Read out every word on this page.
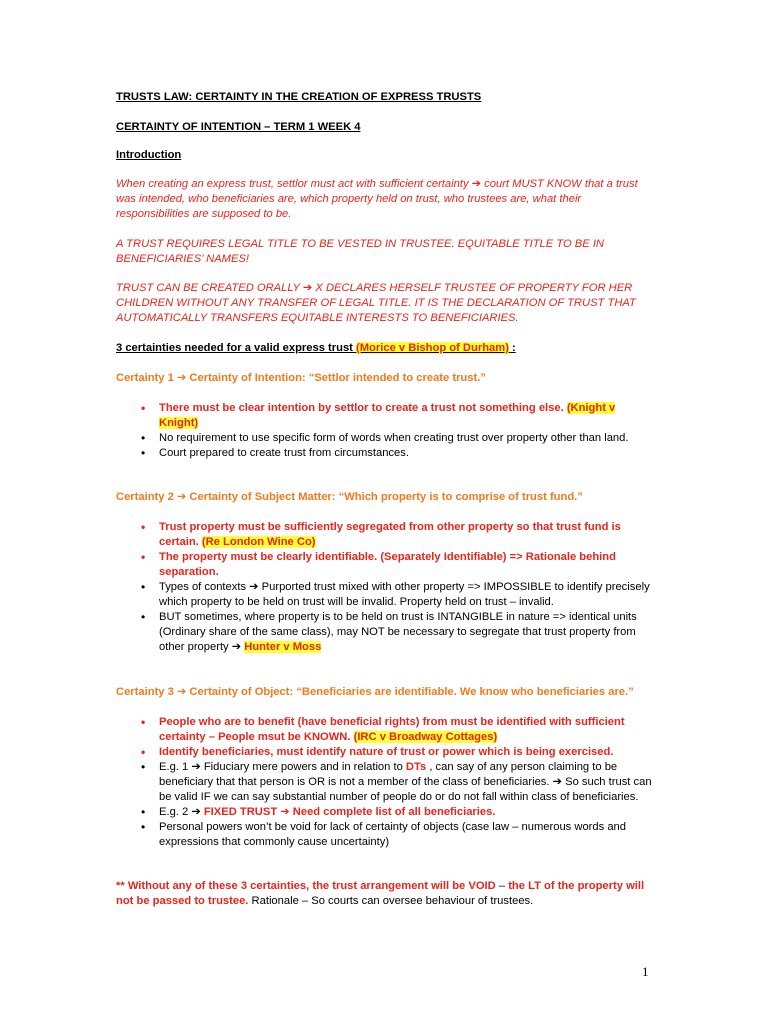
TRUSTS LAW: CERTAINTY IN THE CREATION OF EXPRESS TRUSTS
CERTAINTY OF INTENTION – TERM 1 WEEK 4
Introduction
When creating an express trust, settlor must act with sufficient certainty ➔ court MUST KNOW that a trust was intended, who beneficiaries are, which property held on trust, who trustees are, what their responsibilities are supposed to be.
A TRUST REQUIRES LEGAL TITLE TO BE VESTED IN TRUSTEE. EQUITABLE TITLE TO BE IN BENEFICIARIES’ NAMES!
TRUST CAN BE CREATED ORALLY ➔ X DECLARES HERSELF TRUSTEE OF PROPERTY FOR HER CHILDREN WITHOUT ANY TRANSFER OF LEGAL TITLE. IT IS THE DECLARATION OF TRUST THAT AUTOMATICALLY TRANSFERS EQUITABLE INTERESTS TO BENEFICIARIES.
3 certainties needed for a valid express trust (Morice v Bishop of Durham) :
Certainty 1 ➔ Certainty of Intention: “Settlor intended to create trust.”
• There must be clear intention by settlor to create a trust not something else. (Knight v Knight)
• No requirement to use specific form of words when creating trust over property other than land.
• Court prepared to create trust from circumstances.
Certainty 2 ➔ Certainty of Subject Matter: “Which property is to comprise of trust fund.”
• Trust property must be sufficiently segregated from other property so that trust fund is certain. (Re London Wine Co)
• The property must be clearly identifiable. (Separately Identifiable) => Rationale behind separation.
• Types of contexts ➔ Purported trust mixed with other property => IMPOSSIBLE to identify precisely which property to be held on trust will be invalid. Property held on trust – invalid.
• BUT sometimes, where property is to be held on trust is INTANGIBLE in nature => identical units (Ordinary share of the same class), may NOT be necessary to segregate that trust property from other property ➔ Hunter v Moss
Certainty 3 ➔ Certainty of Object: “Beneficiaries are identifiable. We know who beneficiaries are.”
• People who are to benefit (have beneficial rights) from must be identified with sufficient certainty – People msut be KNOWN. (IRC v Broadway Cottages)
• Identify beneficiaries, must identify nature of trust or power which is being exercised.
• E.g. 1 ➔ Fiduciary mere powers and in relation to DTs , can say of any person claiming to be beneficiary that that person is OR is not a member of the class of beneficiaries. ➔ So such trust can be valid IF we can say substantial number of people do or do not fall within class of beneficiaries.
• E.g. 2 ➔ FIXED TRUST ➔ Need complete list of all beneficiaries.
• Personal powers won’t be void for lack of certainty of objects (case law – numerous words and expressions that commonly cause uncertainty)
** Without any of these 3 certainties, the trust arrangement will be VOID – the LT of the property will not be passed to trustee. Rationale – So courts can oversee behaviour of trustees.
1
